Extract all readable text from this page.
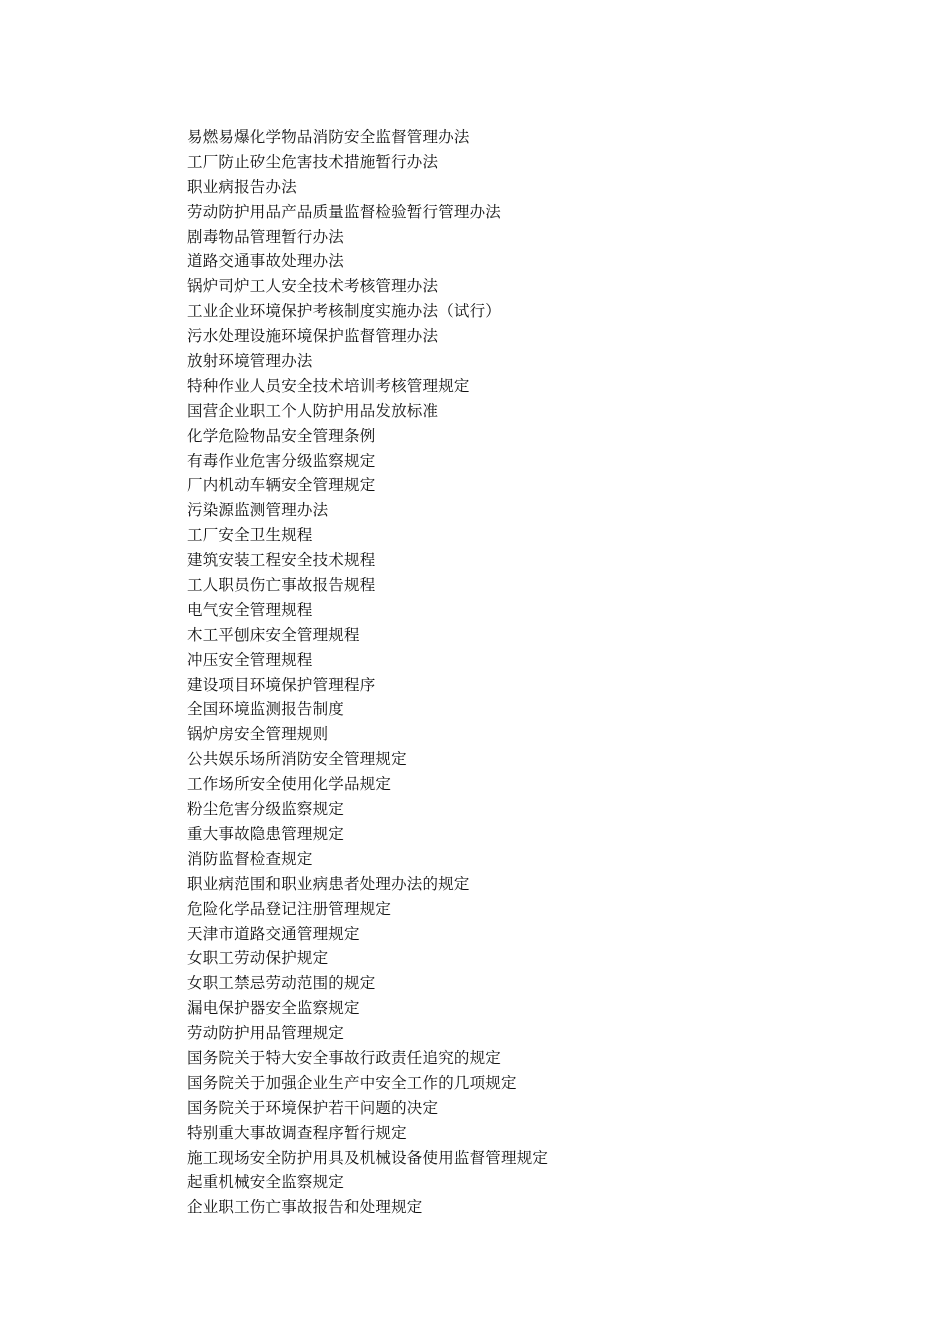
易燃易爆化学物品消防安全监督管理办法
工厂防止矽尘危害技术措施暂行办法
职业病报告办法
劳动防护用品产品质量监督检验暂行管理办法
剧毒物品管理暂行办法
道路交通事故处理办法
锅炉司炉工人安全技术考核管理办法
工业企业环境保护考核制度实施办法（试行）
污水处理设施环境保护监督管理办法
放射环境管理办法
特种作业人员安全技术培训考核管理规定
国营企业职工个人防护用品发放标准
化学危险物品安全管理条例
有毒作业危害分级监察规定
厂内机动车辆安全管理规定
污染源监测管理办法
工厂安全卫生规程
建筑安装工程安全技术规程
工人职员伤亡事故报告规程
电气安全管理规程
木工平刨床安全管理规程
冲压安全管理规程
建设项目环境保护管理程序
全国环境监测报告制度
锅炉房安全管理规则
公共娱乐场所消防安全管理规定
工作场所安全使用化学品规定
粉尘危害分级监察规定
重大事故隐患管理规定
消防监督检查规定
职业病范围和职业病患者处理办法的规定
危险化学品登记注册管理规定
天津市道路交通管理规定
女职工劳动保护规定
女职工禁忌劳动范围的规定
漏电保护器安全监察规定
劳动防护用品管理规定
国务院关于特大安全事故行政责任追究的规定
国务院关于加强企业生产中安全工作的几项规定
国务院关于环境保护若干问题的决定
特别重大事故调查程序暂行规定
施工现场安全防护用具及机械设备使用监督管理规定
起重机械安全监察规定
企业职工伤亡事故报告和处理规定
